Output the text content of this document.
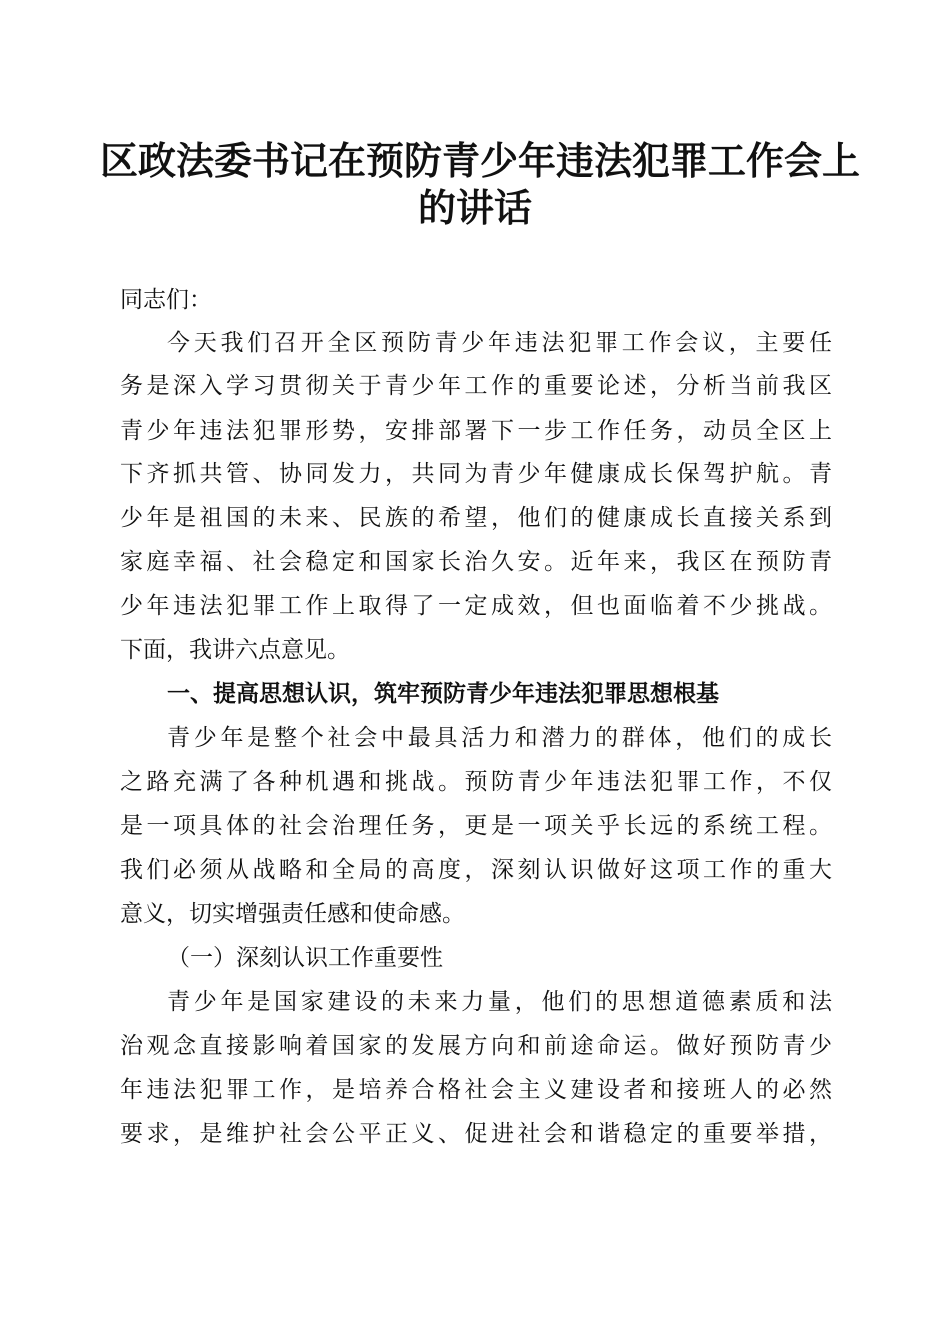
区政法委书记在预防青少年违法犯罪工作会上
的讲话

同志们：

今天我们召开全区预防青少年违法犯罪工作会议，主要任

务是深入学习贯彻关于青少年工作的重要论述，分析当前我区

青少年违法犯罪形势，安排部署下一步工作任务，动员全区上

下齐抓共管、协同发力，共同为青少年健康成长保驾护航。青

少年是祖国的未来、民族的希望，他们的健康成长直接关系到

家庭幸福、社会稳定和国家长治久安。近年来，我区在预防青

少年违法犯罪工作上取得了一定成效，但也面临着不少挑战。

下面，我讲六点意见。

一、提高思想认识，筑牢预防青少年违法犯罪思想根基

青少年是整个社会中最具活力和潜力的群体，他们的成长

之路充满了各种机遇和挑战。预防青少年违法犯罪工作，不仅

是一项具体的社会治理任务，更是一项关乎长远的系统工程。

我们必须从战略和全局的高度，深刻认识做好这项工作的重大

意义，切实增强责任感和使命感。

（一）深刻认识工作重要性

青少年是国家建设的未来力量，他们的思想道德素质和法

治观念直接影响着国家的发展方向和前途命运。做好预防青少

年违法犯罪工作，是培养合格社会主义建设者和接班人的必然

要求，是维护社会公平正义、促进社会和谐稳定的重要举措，
